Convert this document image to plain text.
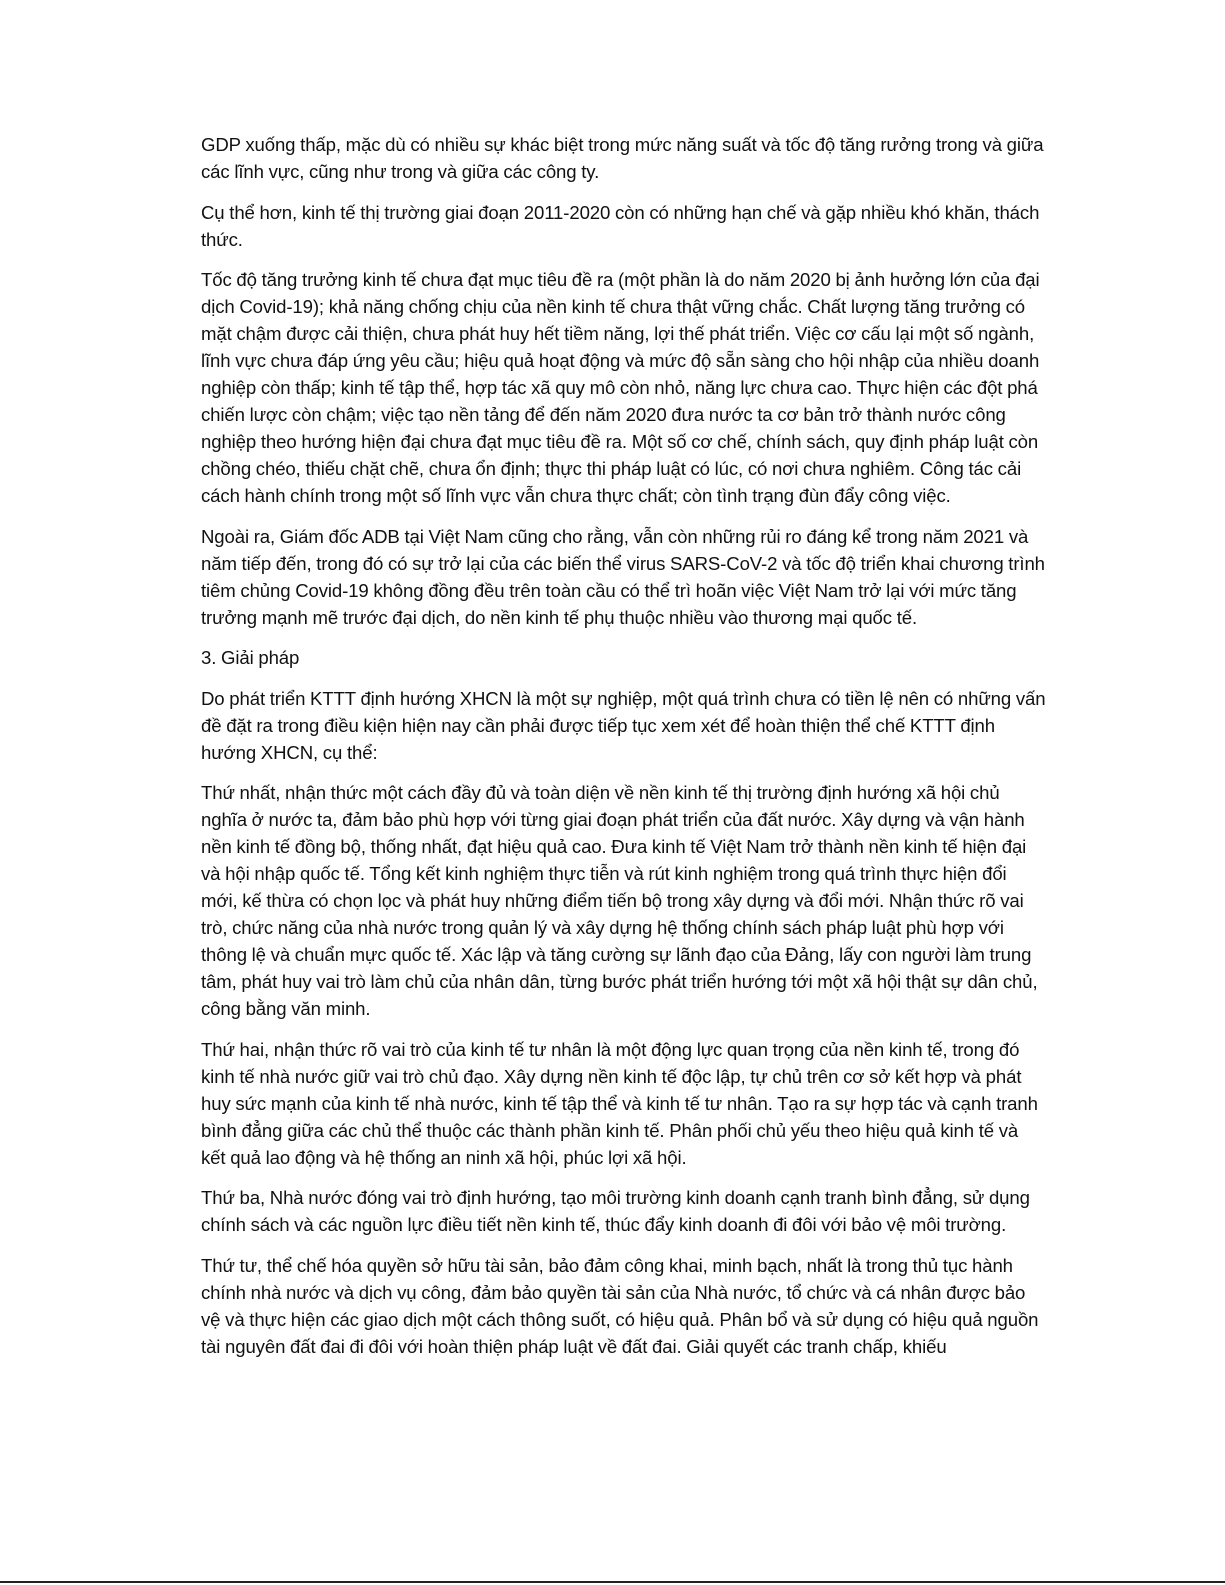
GDP xuống thấp, mặc dù có nhiều sự khác biệt trong mức năng suất và tốc độ tăng rưởng trong và giữa các lĩnh vực, cũng như trong và giữa các công ty.

Cụ thể hơn, kinh tế thị trường giai đoạn 2011-2020 còn có những hạn chế và gặp nhiều khó khăn, thách thức.

Tốc độ tăng trưởng kinh tế chưa đạt mục tiêu đề ra (một phần là do năm 2020 bị ảnh hưởng lớn của đại dịch Covid-19); khả năng chống chịu của nền kinh tế chưa thật vững chắc. Chất lượng tăng trưởng có mặt chậm được cải thiện, chưa phát huy hết tiềm năng, lợi thế phát triển. Việc cơ cấu lại một số ngành, lĩnh vực chưa đáp ứng yêu cầu; hiệu quả hoạt động và mức độ sẵn sàng cho hội nhập của nhiều doanh nghiệp còn thấp; kinh tế tập thể, hợp tác xã quy mô còn nhỏ, năng lực chưa cao. Thực hiện các đột phá chiến lược còn chậm; việc tạo nền tảng để đến năm 2020 đưa nước ta cơ bản trở thành nước công nghiệp theo hướng hiện đại chưa đạt mục tiêu đề ra. Một số cơ chế, chính sách, quy định pháp luật còn chồng chéo, thiếu chặt chẽ, chưa ổn định; thực thi pháp luật có lúc, có nơi chưa nghiêm. Công tác cải cách hành chính trong một số lĩnh vực vẫn chưa thực chất; còn tình trạng đùn đẩy công việc.

Ngoài ra, Giám đốc ADB tại Việt Nam cũng cho rằng, vẫn còn những rủi ro đáng kể trong năm 2021 và năm tiếp đến, trong đó có sự trở lại của các biến thể virus SARS-CoV-2 và tốc độ triển khai chương trình tiêm chủng Covid-19 không đồng đều trên toàn cầu có thể trì hoãn việc Việt Nam trở lại với mức tăng trưởng mạnh mẽ trước đại dịch, do nền kinh tế phụ thuộc nhiều vào thương mại quốc tế.

3. Giải pháp

Do phát triển KTTT định hướng XHCN là một sự nghiệp, một quá trình chưa có tiền lệ nên có những vấn đề đặt ra trong điều kiện hiện nay cần phải được tiếp tục xem xét để hoàn thiện thể chế KTTT định hướng XHCN, cụ thể:

Thứ nhất, nhận thức một cách đầy đủ và toàn diện về nền kinh tế thị trường định hướng xã hội chủ nghĩa ở nước ta, đảm bảo phù hợp với từng giai đoạn phát triển của đất nước. Xây dựng và vận hành nền kinh tế đồng bộ, thống nhất, đạt hiệu quả cao. Đưa kinh tế Việt Nam trở thành nền kinh tế hiện đại và hội nhập quốc tế. Tổng kết kinh nghiệm thực tiễn và rút kinh nghiệm trong quá trình thực hiện đổi mới, kế thừa có chọn lọc và phát huy những điểm tiến bộ trong xây dựng và đổi mới. Nhận thức rõ vai trò, chức năng của nhà nước trong quản lý và xây dựng hệ thống chính sách pháp luật phù hợp với thông lệ và chuẩn mực quốc tế. Xác lập và tăng cường sự lãnh đạo của Đảng, lấy con người làm trung tâm, phát huy vai trò làm chủ của nhân dân, từng bước phát triển hướng tới một xã hội thật sự dân chủ, công bằng văn minh.

Thứ hai, nhận thức rõ vai trò của kinh tế tư nhân là một động lực quan trọng của nền kinh tế, trong đó kinh tế nhà nước giữ vai trò chủ đạo. Xây dựng nền kinh tế độc lập, tự chủ trên cơ sở kết hợp và phát huy sức mạnh của kinh tế nhà nước, kinh tế tập thể và kinh tế tư nhân. Tạo ra sự hợp tác và cạnh tranh bình đẳng giữa các chủ thể thuộc các thành phần kinh tế. Phân phối chủ yếu theo hiệu quả kinh tế và kết quả lao động và hệ thống an ninh xã hội, phúc lợi xã hội.

Thứ ba, Nhà nước đóng vai trò định hướng, tạo môi trường kinh doanh cạnh tranh bình đẳng, sử dụng chính sách và các nguồn lực điều tiết nền kinh tế, thúc đẩy kinh doanh đi đôi với bảo vệ môi trường.

Thứ tư, thể chế hóa quyền sở hữu tài sản, bảo đảm công khai, minh bạch, nhất là trong thủ tục hành chính nhà nước và dịch vụ công, đảm bảo quyền tài sản của Nhà nước, tổ chức và cá nhân được bảo vệ và thực hiện các giao dịch một cách thông suốt, có hiệu quả. Phân bổ và sử dụng có hiệu quả nguồn tài nguyên đất đai đi đôi với hoàn thiện pháp luật về đất đai. Giải quyết các tranh chấp, khiếu
